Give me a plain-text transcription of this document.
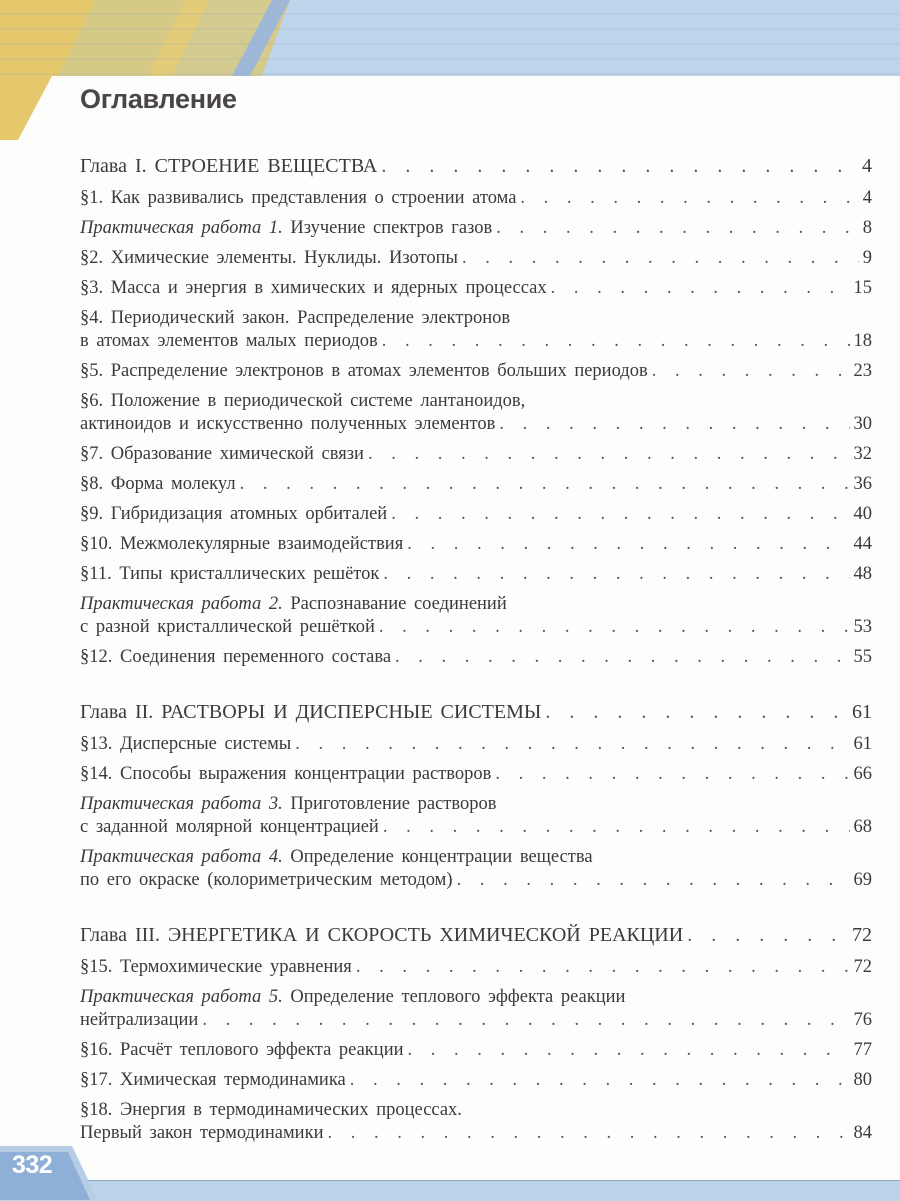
Оглавление
Глава I. СТРОЕНИЕ ВЕЩЕСТВА . . .	4
§1. Как развивались представления о строении атома . . .	4
Практическая работа 1. Изучение спектров газов . . .	8
§2. Химические элементы. Нуклиды. Изотопы . . .	9
§3. Масса и энергия в химических и ядерных процессах . . .	15
§4. Периодический закон. Распределение электронов
в атомах элементов малых периодов . . .	18
§5. Распределение электронов в атомах элементов больших периодов . . .	23
§6. Положение в периодической системе лантаноидов,
актиноидов и искусственно полученных элементов . . .	30
§7. Образование химической связи . . .	32
§8. Форма молекул . . .	36
§9. Гибридизация атомных орбиталей . . .	40
§10. Межмолекулярные взаимодействия . . .	44
§11. Типы кристаллических решёток . . .	48
Практическая работа 2. Распознавание соединений
с разной кристаллической решёткой . . .	53
§12. Соединения переменного состава . . .	55
Глава II. РАСТВОРЫ И ДИСПЕРСНЫЕ СИСТЕМЫ . . .	61
§13. Дисперсные системы . . .	61
§14. Способы выражения концентрации растворов . . .	66
Практическая работа 3. Приготовление растворов
с заданной молярной концентрацией . . .	68
Практическая работа 4. Определение концентрации вещества
по его окраске (колориметрическим методом) . . .	69
Глава III. ЭНЕРГЕТИКА И СКОРОСТЬ ХИМИЧЕСКОЙ РЕАКЦИИ . . .	72
§15. Термохимические уравнения . . .	72
Практическая работа 5. Определение теплового эффекта реакции
нейтрализации . . .	76
§16. Расчёт теплового эффекта реакции . . .	77
§17. Химическая термодинамика . . .	80
§18. Энергия в термодинамических процессах.
Первый закон термодинамики . . .	84
332
